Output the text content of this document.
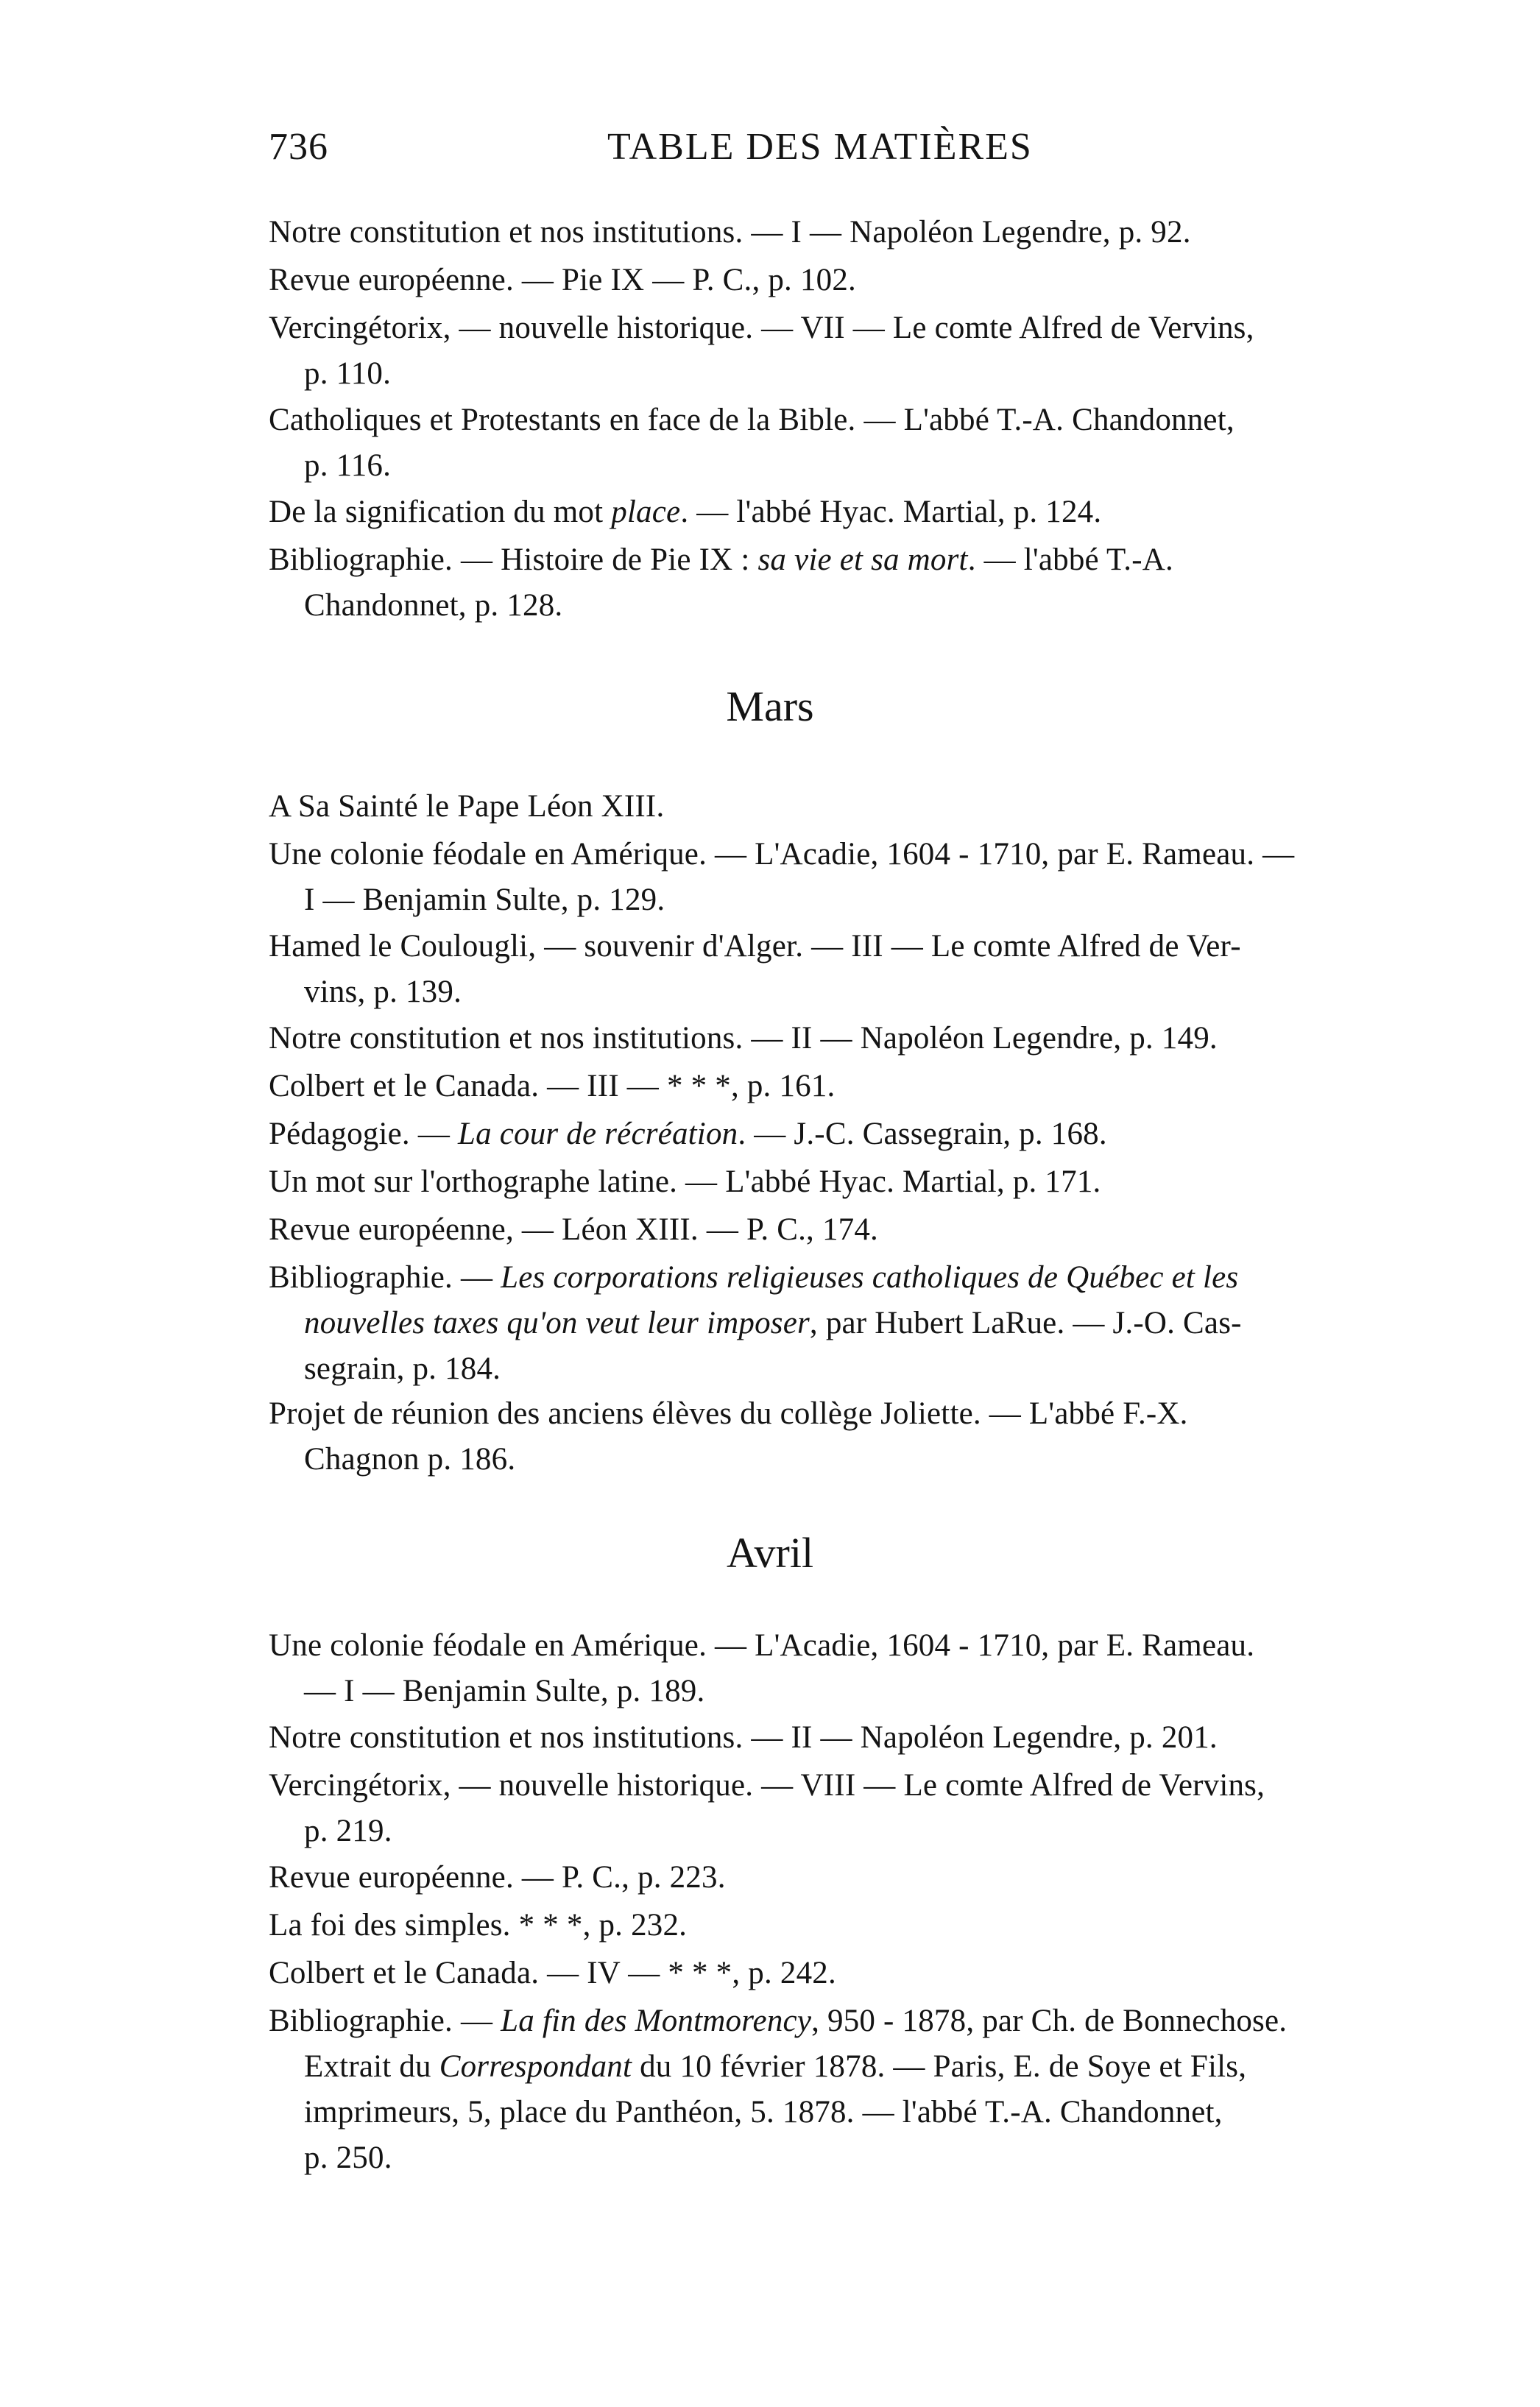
736	TABLE DES MATIÈRES
Notre constitution et nos institutions. — I — Napoléon Legendre, p. 92.
Revue européenne. — Pie IX — P. C., p. 102.
Vercingétorix, — nouvelle historique. — VII — Le comte Alfred de Vervins,
p. 110.
Catholiques et Protestants en face de la Bible. — L'abbé T.-A. Chandonnet,
p. 116.
De la signification du mot place. — l'abbé Hyac. Martial, p. 124.
Bibliographie. — Histoire de Pie IX : sa vie et sa mort. — l'abbé T.-A.
Chandonnet, p. 128.
Mars
A Sa Sainté le Pape Léon XIII.
Une colonie féodale en Amérique. — L'Acadie, 1604 - 1710, par E. Rameau. —
I — Benjamin Sulte, p. 129.
Hamed le Coulougli, — souvenir d'Alger. — III — Le comte Alfred de Ver-
vins, p. 139.
Notre constitution et nos institutions. — II — Napoléon Legendre, p. 149.
Colbert et le Canada. — III — * * *, p. 161.
Pédagogie. — La cour de récréation. — J.-C. Cassegrain, p. 168.
Un mot sur l'orthographe latine. — L'abbé Hyac. Martial, p. 171.
Revue européenne, — Léon XIII. — P. C., 174.
Bibliographie. — Les corporations religieuses catholiques de Québec et les
nouvelles taxes qu'on veut leur imposer, par Hubert LaRue. — J.-O. Cas-
segrain, p. 184.
Projet de réunion des anciens élèves du collège Joliette. — L'abbé F.-X.
Chagnon p. 186.
Avril
Une colonie féodale en Amérique. — L'Acadie, 1604 - 1710, par E. Rameau.
— I — Benjamin Sulte, p. 189.
Notre constitution et nos institutions. — II — Napoléon Legendre, p. 201.
Vercingétorix, — nouvelle historique. — VIII — Le comte Alfred de Vervins,
p. 219.
Revue européenne. — P. C., p. 223.
La foi des simples. * * *, p. 232.
Colbert et le Canada. — IV — * * *, p. 242.
Bibliographie. — La fin des Montmorency, 950 - 1878, par Ch. de Bonnechose.
Extrait du Correspondant du 10 février 1878. — Paris, E. de Soye et Fils,
imprimeurs, 5, place du Panthéon, 5. 1878. — l'abbé T.-A. Chandonnet,
p. 250.
